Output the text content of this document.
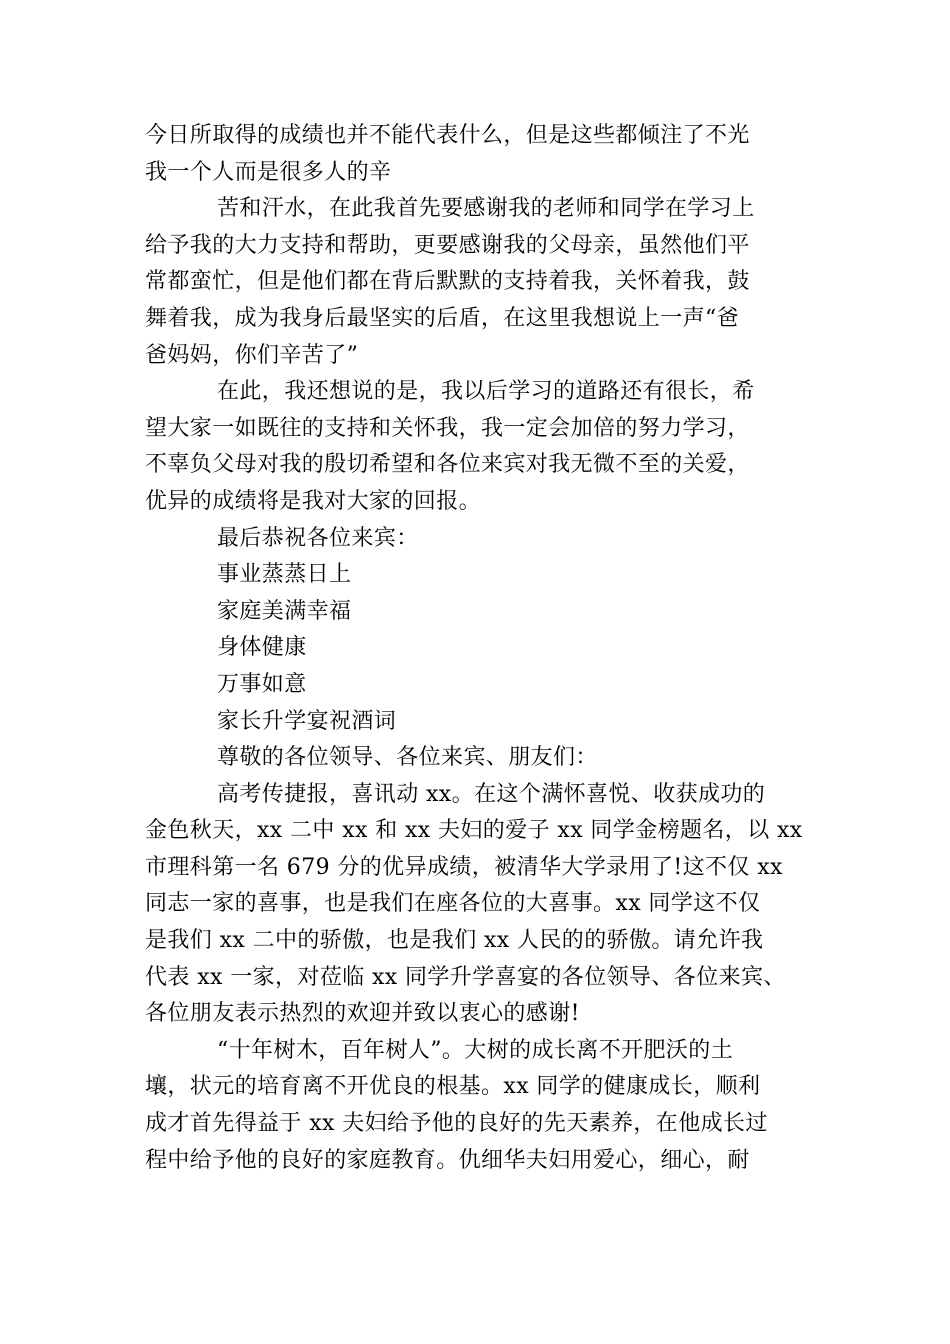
今日所取得的成绩也并不能代表什么，但是这些都倾注了不光
我一个人而是很多人的辛
苦和汗水，在此我首先要感谢我的老师和同学在学习上
给予我的大力支持和帮助，更要感谢我的父母亲，虽然他们平
常都蛮忙，但是他们都在背后默默的支持着我，关怀着我，鼓
舞着我，成为我身后最坚实的后盾，在这里我想说上一声“爸
爸妈妈，你们辛苦了”
在此，我还想说的是，我以后学习的道路还有很长，希
望大家一如既往的支持和关怀我，我一定会加倍的努力学习，
不辜负父母对我的殷切希望和各位来宾对我无微不至的关爱，
优异的成绩将是我对大家的回报。
最后恭祝各位来宾：
事业蒸蒸日上
家庭美满幸福
身体健康
万事如意
家长升学宴祝酒词
尊敬的各位领导、各位来宾、朋友们：
高考传捷报，喜讯动 xx。在这个满怀喜悦、收获成功的
金色秋天，xx 二中 xx 和 xx 夫妇的爱子 xx 同学金榜题名，以 xx
市理科第一名 679 分的优异成绩，被清华大学录用了!这不仅 xx
同志一家的喜事，也是我们在座各位的大喜事。xx 同学这不仅
是我们 xx 二中的骄傲，也是我们 xx 人民的的骄傲。请允许我
代表 xx 一家，对莅临 xx 同学升学喜宴的各位领导、各位来宾、
各位朋友表示热烈的欢迎并致以衷心的感谢!
“十年树木，百年树人”。大树的成长离不开肥沃的土
壤，状元的培育离不开优良的根基。xx 同学的健康成长，顺利
成才首先得益于 xx 夫妇给予他的良好的先天素养，在他成长过
程中给予他的良好的家庭教育。仇细华夫妇用爱心，细心，耐
